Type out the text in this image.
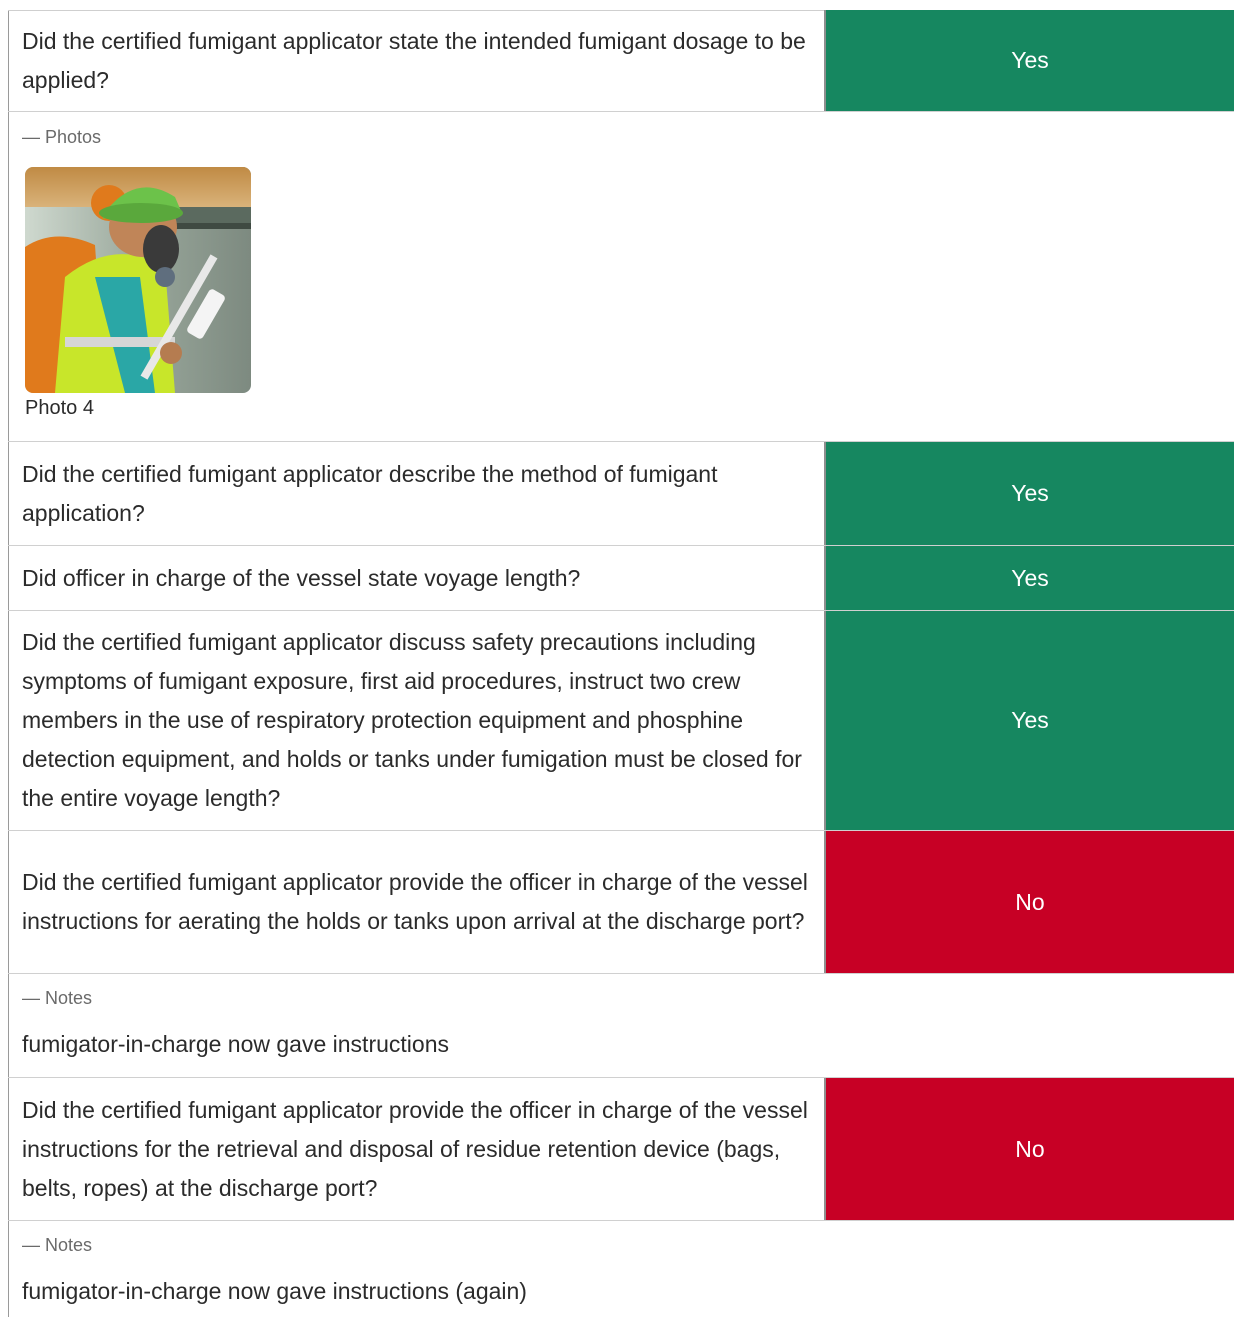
Did the certified fumigant applicator state the intended fumigant dosage to be applied?
Yes
— Photos
Photo 4
Did the certified fumigant applicator describe the method of fumigant application?
Yes
Did officer in charge of the vessel state voyage length?	Yes
Did the certified fumigant applicator discuss safety precautions including symptoms of fumigant exposure, first aid procedures, instruct two crew members in the use of respiratory protection equipment and phosphine detection equipment, and holds or tanks under fumigation must be closed for the entire voyage length?
Yes
Did the certified fumigant applicator provide the officer in charge of the vessel instructions for aerating the holds or tanks upon arrival at the discharge port?
No
— Notes
fumigator-in-charge now gave instructions
Did the certified fumigant applicator provide the officer in charge of the vessel instructions for the retrieval and disposal of residue retention device (bags, belts, ropes) at the discharge port?
No
— Notes
fumigator-in-charge now gave instructions (again)
